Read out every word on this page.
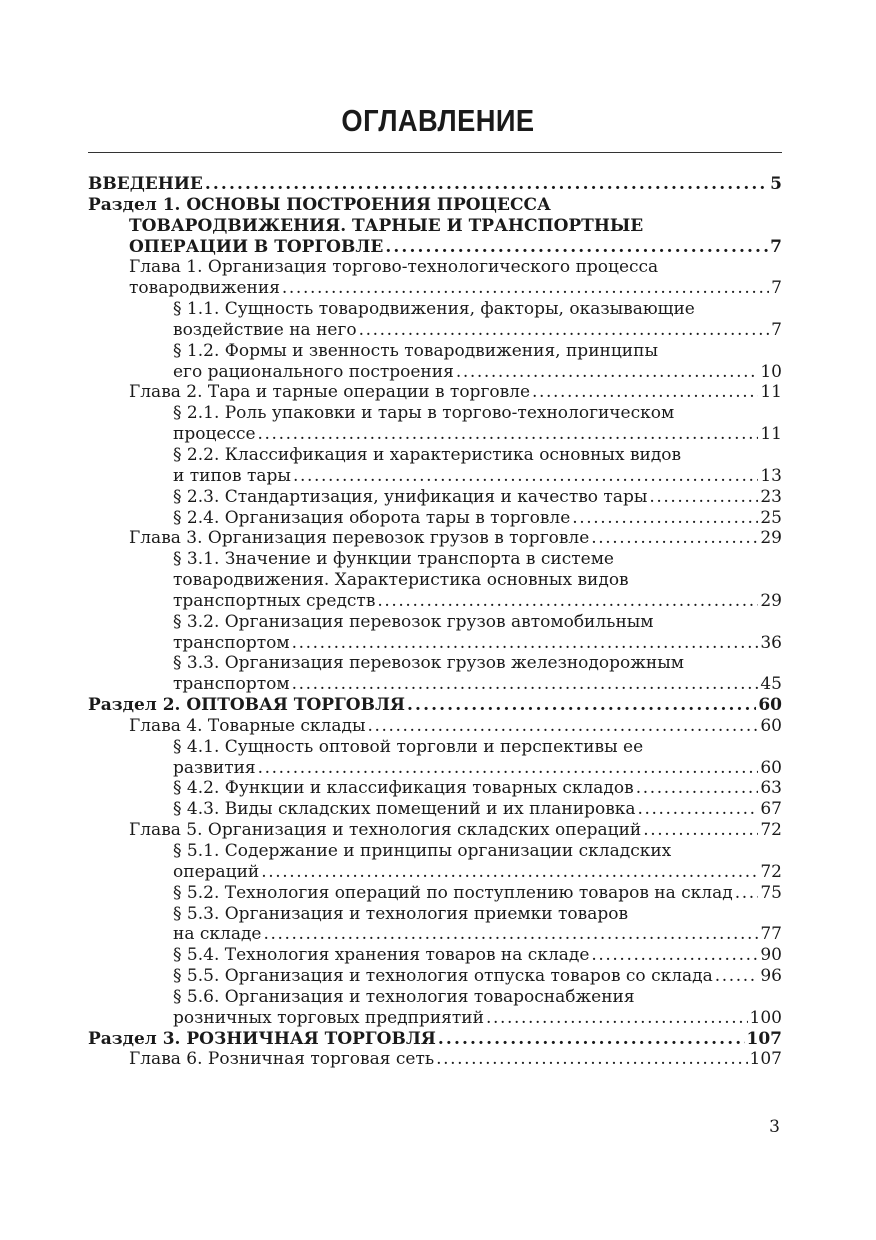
ОГЛАВЛЕНИЕ
ВВЕДЕНИЕ . . .	5
Раздел 1. ОСНОВЫ ПОСТРОЕНИЯ ПРОЦЕССА
ТОВАРОДВИЖЕНИЯ. ТАРНЫЕ И ТРАНСПОРТНЫЕ
ОПЕРАЦИИ В ТОРГОВЛЕ . . .	7
Глава 1. Организация торгово-технологического процесса
товародвижения . . .	7
§ 1.1. Сущность товародвижения, факторы, оказывающие
воздействие на него . . .	7
§ 1.2. Формы и звенность товародвижения, принципы
его рационального построения . . .	10
Глава 2. Тара и тарные операции в торговле . . .	11
§ 2.1. Роль упаковки и тары в торгово-технологическом
процессе . . .	11
§ 2.2. Классификация и характеристика основных видов
и типов тары . . .	13
§ 2.3. Стандартизация, унификация и качество тары . . .	23
§ 2.4. Организация оборота тары в торговле . . .	25
Глава 3. Организация перевозок грузов в торговле . . .	29
§ 3.1. Значение и функции транспорта в системе
товародвижения. Характеристика основных видов
транспортных средств . . .	29
§ 3.2. Организация перевозок грузов автомобильным
транспортом . . .	36
§ 3.3. Организация перевозок грузов железнодорожным
транспортом . . .	45
Раздел 2. ОПТОВАЯ ТОРГОВЛЯ . . .	60
Глава 4. Товарные склады . . .	60
§ 4.1. Сущность оптовой торговли и перспективы ее
развития . . .	60
§ 4.2. Функции и классификация товарных складов . . .	63
§ 4.3. Виды складских помещений и их планировка . . .	67
Глава 5. Организация и технология складских операций . . .	72
§ 5.1. Содержание и принципы организации складских
операций . . .	72
§ 5.2. Технология операций по поступлению товаров на склад . . . 75
§ 5.3. Организация и технология приемки товаров
на складе . . .	77
§ 5.4. Технология хранения товаров на складе . . .	90
§ 5.5. Организация и технология отпуска товаров со склада . . .	96
§ 5.6. Организация и технология товароснабжения
розничных торговых предприятий . . .	100
Раздел 3. РОЗНИЧНАЯ ТОРГОВЛЯ . . .	107
Глава 6. Розничная торговая сеть . . .	107
3
